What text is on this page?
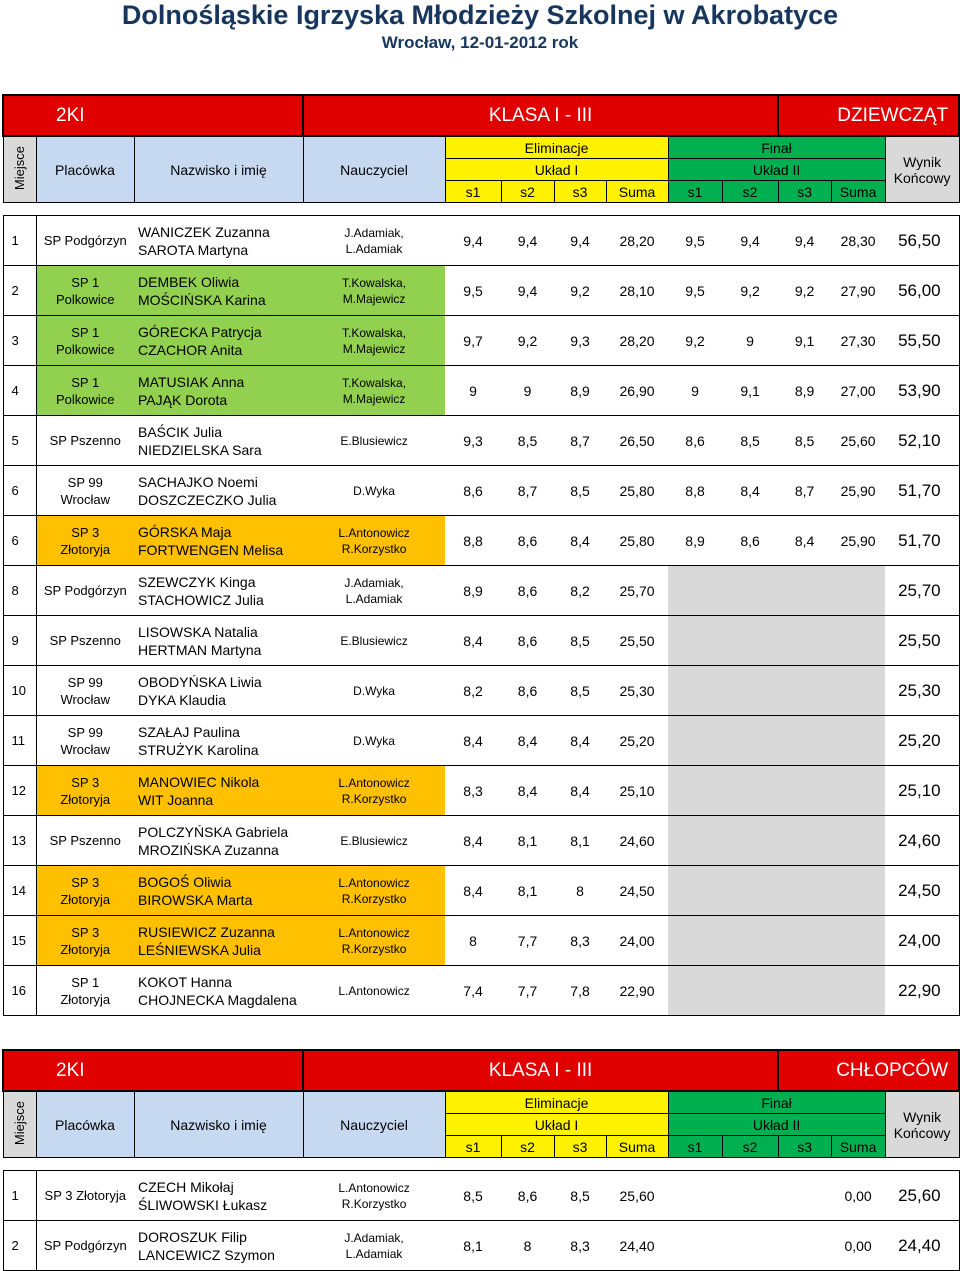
Dolnośląskie Igrzyska Młodzieży Szkolnej w Akrobatyce
Wrocław, 12-01-2012 rok
2KI			KLASA I - III							DZIEWCZĄT		
Miejsce	Placówka	Nazwisko i imię	Nauczyciel	Eliminacje				Finał				Wynik
Końcowy
				Układ I				Układ II				
				s1	s2	s3	Suma	s1	s2	s3	Suma	

1	SP Podgórzyn	WANICZEK Zuzanna
SAROTA Martyna	J.Adamiak,
L.Adamiak	9,4	9,4	9,4	28,20	9,5	9,4	9,4	28,30	56,50
2	SP 1
Polkowice	DEMBEK Oliwia
MOŚCIŃSKA Karina	T.Kowalska,
M.Majewicz	9,5	9,4	9,2	28,10	9,5	9,2	9,2	27,90	56,00
3	SP 1
Polkowice	GÓRECKA Patrycja
CZACHOR Anita	T.Kowalska,
M.Majewicz	9,7	9,2	9,3	28,20	9,2	9	9,1	27,30	55,50
4	SP 1
Polkowice	MATUSIAK Anna
PAJĄK Dorota	T.Kowalska,
M.Majewicz	9	9	8,9	26,90	9	9,1	8,9	27,00	53,90
5	SP Pszenno	BAŚCIK Julia
NIEDZIELSKA Sara	E.Blusiewicz	9,3	8,5	8,7	26,50	8,6	8,5	8,5	25,60	52,10
6	SP 99
Wrocław	SACHAJKO Noemi
DOSZCZECZKO Julia	D.Wyka	8,6	8,7	8,5	25,80	8,8	8,4	8,7	25,90	51,70
6	SP 3
Złotoryja	GÓRSKA Maja
FORTWENGEN Melisa	L.Antonowicz
R.Korzystko	8,8	8,6	8,4	25,80	8,9	8,6	8,4	25,90	51,70
8	SP Podgórzyn	SZEWCZYK Kinga
STACHOWICZ Julia	J.Adamiak,
L.Adamiak	8,9	8,6	8,2	25,70					25,70
9	SP Pszenno	LISOWSKA Natalia
HERTMAN Martyna	E.Blusiewicz	8,4	8,6	8,5	25,50					25,50
10	SP 99
Wrocław	OBODYŃSKA Liwia
DYKA Klaudia	D.Wyka	8,2	8,6	8,5	25,30					25,30
11	SP 99
Wrocław	SZAŁAJ Paulina
STRUŻYK Karolina	D.Wyka	8,4	8,4	8,4	25,20					25,20
12	SP 3
Złotoryja	MANOWIEC Nikola
WIT Joanna	L.Antonowicz
R.Korzystko	8,3	8,4	8,4	25,10					25,10
13	SP Pszenno	POLCZYŃSKA Gabriela
MROZIŃSKA Zuzanna	E.Blusiewicz	8,4	8,1	8,1	24,60					24,60
14	SP 3
Złotoryja	BOGOŚ Oliwia
BIROWSKA Marta	L.Antonowicz
R.Korzystko	8,4	8,1	8	24,50					24,50
15	SP 3
Złotoryja	RUSIEWICZ Zuzanna
LEŚNIEWSKA Julia	L.Antonowicz
R.Korzystko	8	7,7	8,3	24,00					24,00
16	SP 1
Złotoryja	KOKOT Hanna
CHOJNECKA Magdalena	L.Antonowicz	7,4	7,7	7,8	22,90					22,90
2KI			KLASA I - III							CHŁOPCÓW		
Miejsce	Placówka	Nazwisko i imię	Nauczyciel	Eliminacje				Finał				Wynik
Końcowy
				Układ I				Układ II				
				s1	s2	s3	Suma	s1	s2	s3	Suma	

1	SP 3 Złotoryja	CZECH Mikołaj
ŚLIWOWSKI Łukasz	L.Antonowicz
R.Korzystko	8,5	8,6	8,5	25,60				0,00	25,60
2	SP Podgórzyn	DOROSZUK Filip
LANCEWICZ Szymon	J.Adamiak,
L.Adamiak	8,1	8	8,3	24,40				0,00	24,40
